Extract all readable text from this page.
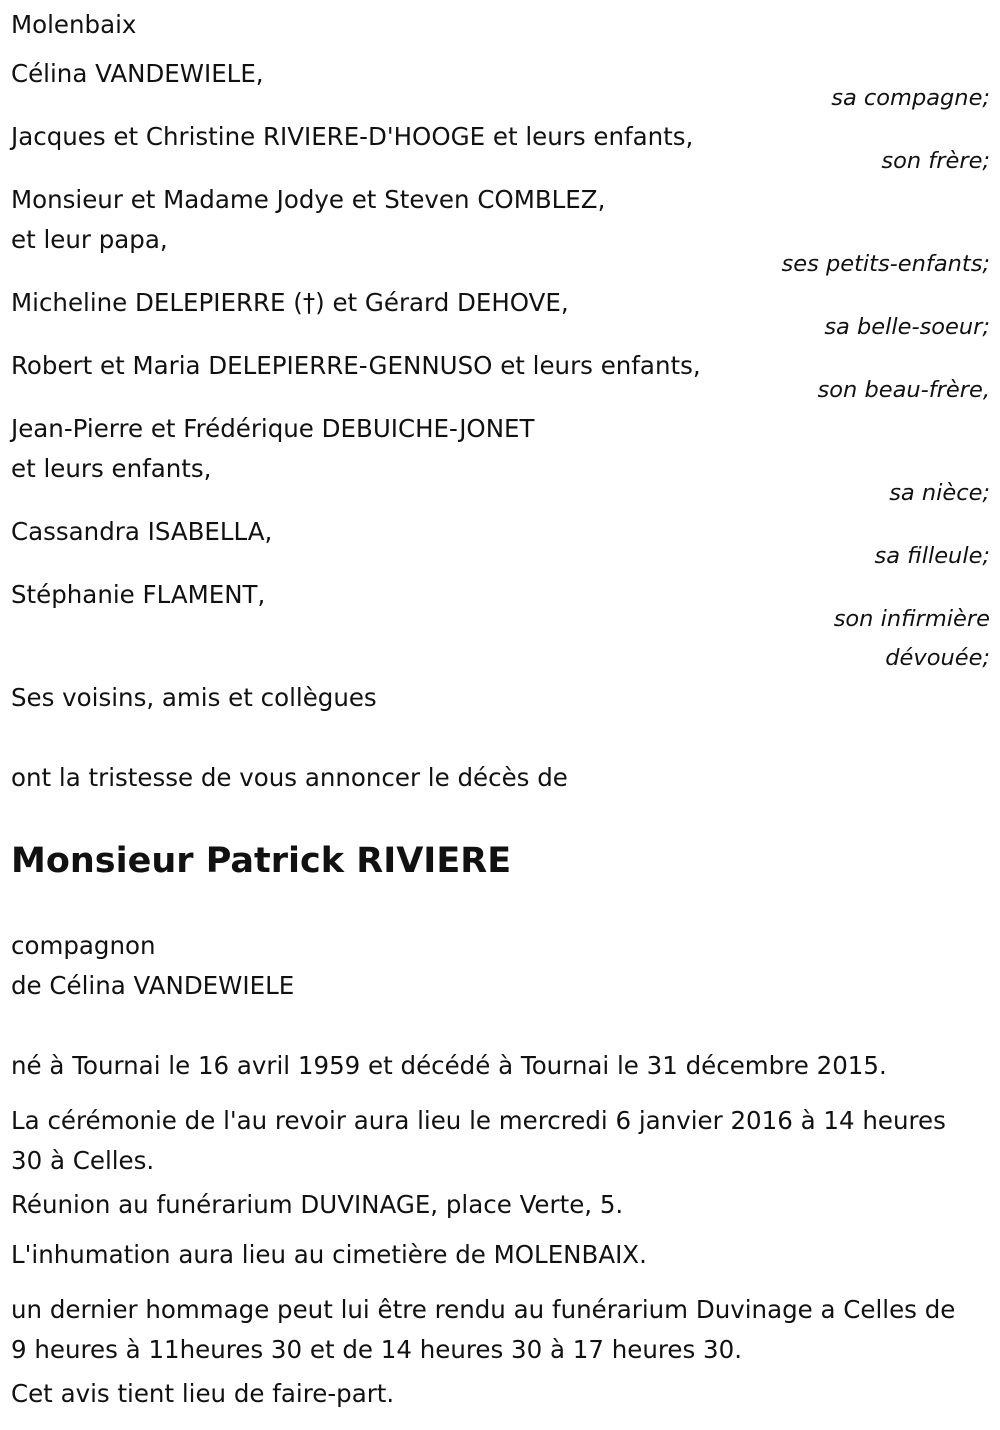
Molenbaix

Célina VANDEWIELE,

sa compagne;

Jacques et Christine RIVIERE-D'HOOGE et leurs enfants,

son frère;

Monsieur et Madame Jodye et Steven COMBLEZ,

et leur papa,

ses petits-enfants;

Micheline DELEPIERRE (†) et Gérard DEHOVE,

sa belle-soeur;

Robert et Maria DELEPIERRE-GENNUSO et leurs enfants,

son beau-frère,

Jean-Pierre et Frédérique DEBUICHE-JONET

et leurs enfants,

sa nièce;

Cassandra ISABELLA,

sa filleule;

Stéphanie FLAMENT,

son infirmière

dévouée;

Ses voisins, amis et collègues

ont la tristesse de vous annoncer le décès de

Monsieur Patrick RIVIERE

compagnon

de Célina VANDEWIELE

né à Tournai le 16 avril 1959 et décédé à Tournai le 31 décembre 2015.

La cérémonie de l'au revoir aura lieu le mercredi 6 janvier 2016 à 14 heures 30 à Celles.

Réunion au funérarium DUVINAGE, place Verte, 5.

L'inhumation aura lieu au cimetière de MOLENBAIX.

un dernier hommage peut lui être rendu au funérarium Duvinage a Celles de 9 heures à 11heures 30 et de 14 heures 30 à 17 heures 30.

Cet avis tient lieu de faire-part.
